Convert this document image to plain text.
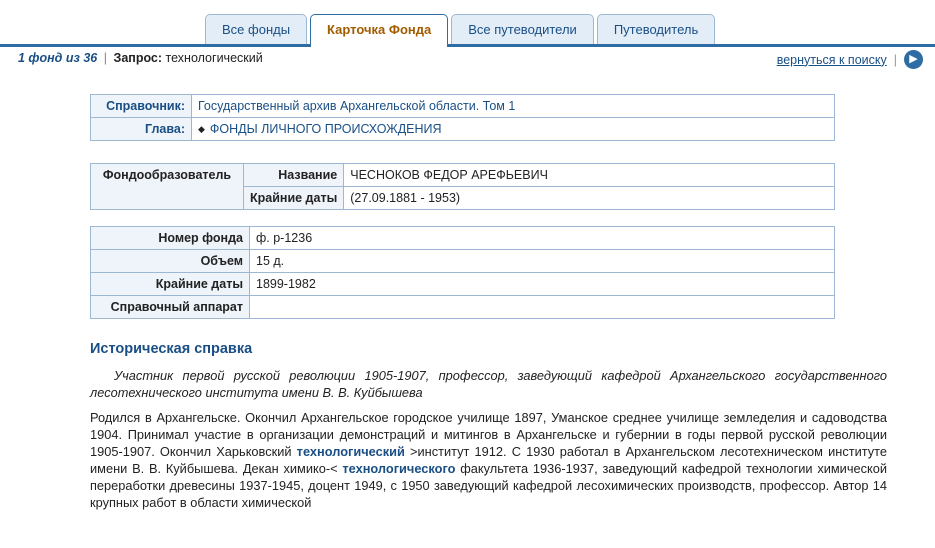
Все фонды	Карточка Фонда	Все путеводители	Путеводитель
1 фонд из 36 | Запрос: технологический	вернуться к поиску |	▶
Справочник:	Государственный архив Архангельской области. Том 1
Глава:	◆ ФОНДЫ ЛИЧНОГО ПРОИСХОЖДЕНИЯ
Фондообразователь	Название	ЧЕСНОКОВ ФЕДОР АРЕФЬЕВИЧ
	Крайние даты	(27.09.1881 - 1953)
Номер фонда	ф. р-1236
Объем	15 д.
Крайние даты	1899-1982
Справочный аппарат	
Историческая справка

Участник первой русской революции 1905-1907, профессор, заведующий кафедрой Архангельского государственного лесотехнического института имени В. В. Куйбышева

Родился в Архангельске. Окончил Архангельское городское училище 1897, Уманское среднее училище земледелия и садоводства 1904. Принимал участие в организации демонстраций и митингов в Архангельске и губернии в годы первой русской революции 1905-1907. Окончил Харьковский технологический >институт 1912. С 1930 работал в Архангельском лесотехническом институте имени В. В. Куйбышева. Декан химико-< технологического факультета 1936-1937, заведующий кафедрой технологии химической переработки древесины 1937-1945, доцент 1949, с 1950 заведующий кафедрой лесохимических производств, профессор. Автор 14 крупных работ в области химической
